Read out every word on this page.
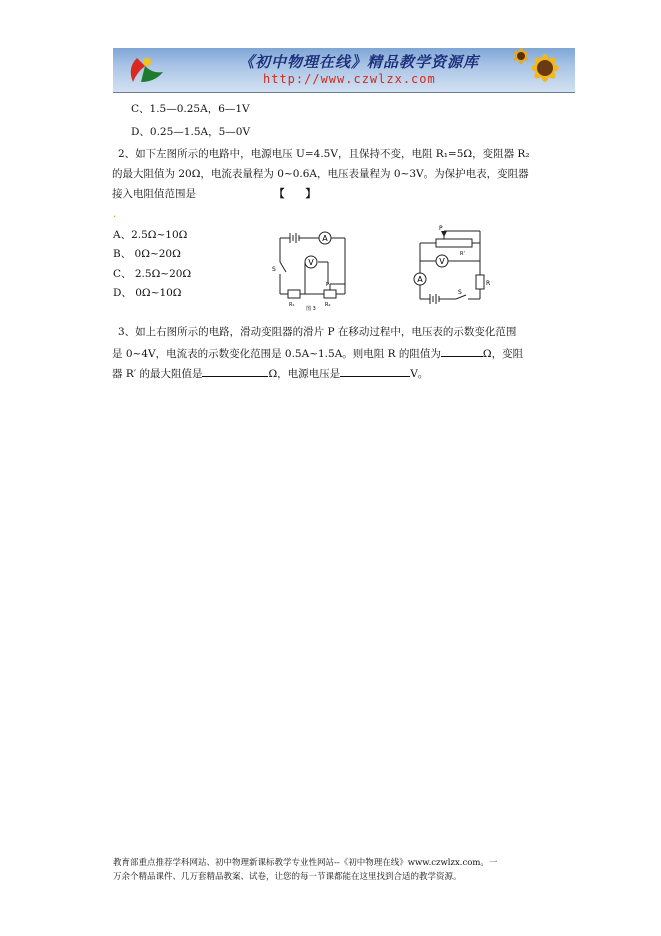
《初中物理在线》精品教学资源库
http://www.czwlzx.com
C、1.5—0.25A，6—1V
D、0.25—1.5A，5—0V
2、如下左图所示的电路中，电源电压 U=4.5V，且保持不变，电阻 R₁=5Ω，变阻器 R₂
的最大阻值为 20Ω，电流表量程为 0~0.6A，电压表量程为 0~3V。为保护电表，变阻器
接入电阻值范围是	【　　】
.
A、2.5Ω~10Ω
B、 0Ω~20Ω
C、 2.5Ω~20Ω
D、 0Ω~10Ω
A
V
S
P
R₁	R₂
图 3
P
R'
V
A	R
S
3、如上右图所示的电路，滑动变阻器的滑片 P 在移动过程中，电压表的示数变化范围
是 0~4V，电流表的示数变化范围是 0.5A~1.5A。则电阻 R 的阻值为	Ω，变阻
器 R′ 的最大阻值是	Ω，电源电压是	V。
教育部重点推荐学科网站、初中物理新课标教学专业性网站--《初中物理在线》www.czwlzx.com。一
万余个精品课件、几万套精品教案、试卷，让您的每一节课都能在这里找到合适的教学资源。
